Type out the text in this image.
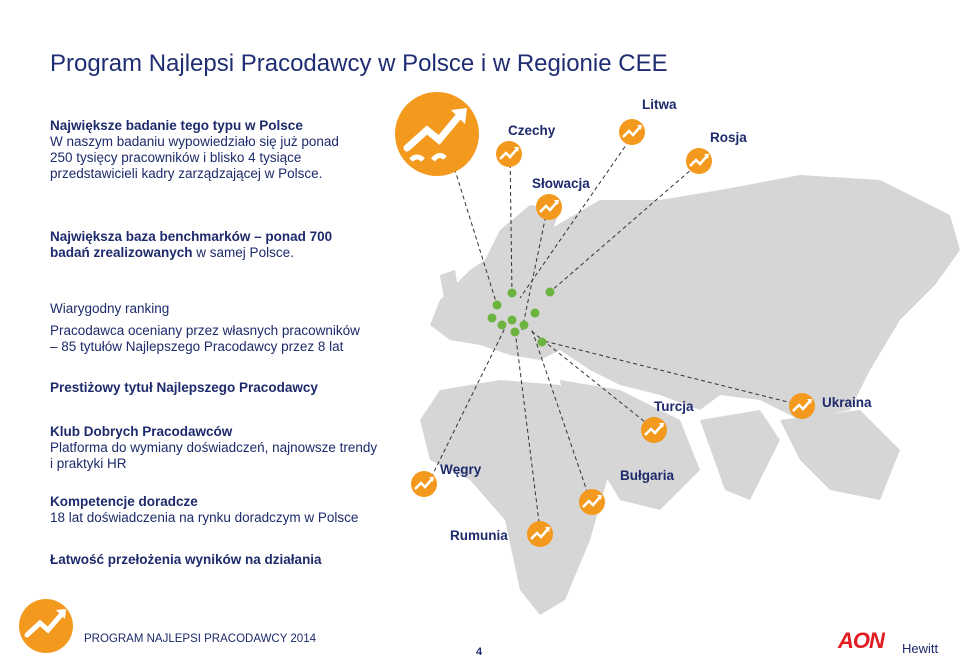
Program Najlepsi Pracodawcy w Polsce i w Regionie CEE
Największe badanie tego typu w Polsce
W naszym badaniu wypowiedziało się już ponad
250 tysięcy pracowników i blisko 4 tysiące
przedstawicieli kadry zarządzającej w Polsce.
Największa baza benchmarków – ponad 700
badań zrealizowanych w samej Polsce.
Wiarygodny ranking

Pracodawca oceniany przez własnych pracowników
– 85 tytułów Najlepszego Pracodawcy przez 8 lat
Prestiżowy tytuł Najlepszego Pracodawcy
Klub Dobrych Pracodawców
Platforma do wymiany doświadczeń, najnowsze trendy
i praktyki HR
Kompetencje doradcze
18 lat doświadczenia na rynku doradczym w Polsce
Łatwość przełożenia wyników na działania
Czechy
Litwa
Rosja
Słowacja
Turcja	Ukraina
Węgry	Bułgaria
Rumunia
PROGRAM NAJLEPSI PRACODAWCY 2014
4	AON Hewitt
